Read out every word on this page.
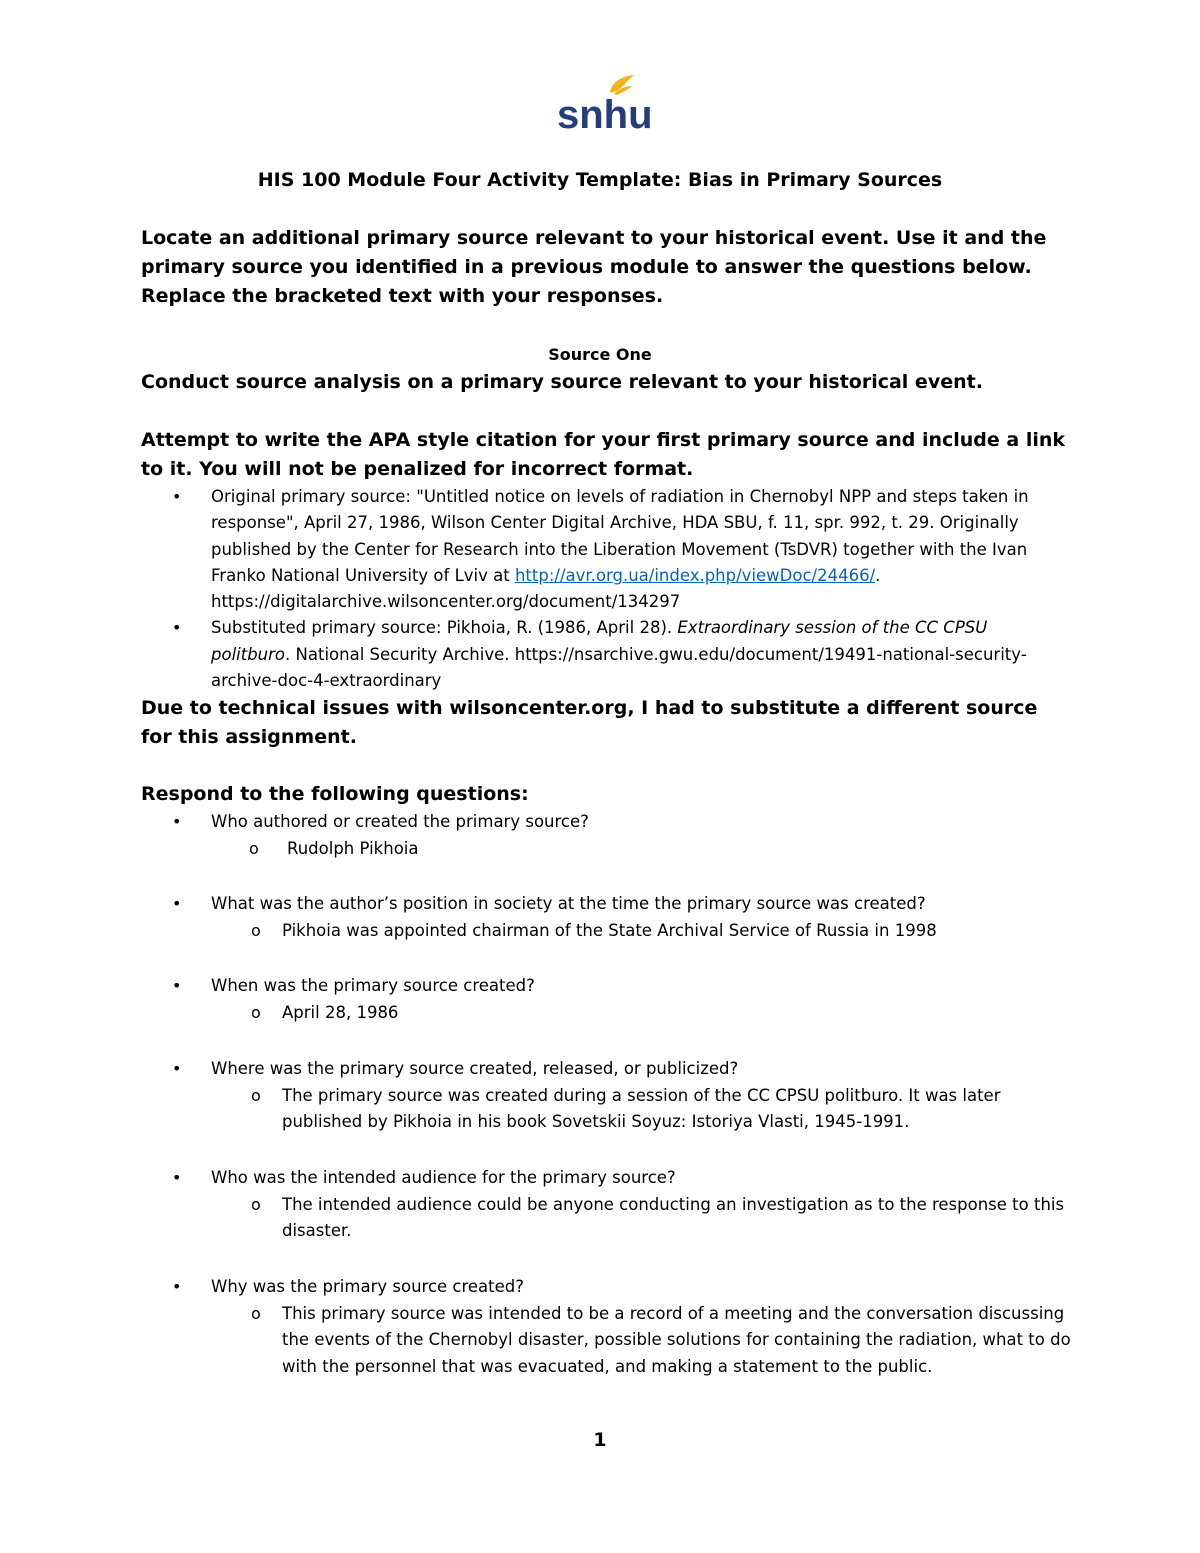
snhu
HIS 100 Module Four Activity Template: Bias in Primary Sources
Locate an additional primary source relevant to your historical event. Use it and the primary source you identified in a previous module to answer the questions below. Replace the bracketed text with your responses.
Source One
Conduct source analysis on a primary source relevant to your historical event.
Attempt to write the APA style citation for your first primary source and include a link to it. You will not be penalized for incorrect format.
• Original primary source: "Untitled notice on levels of radiation in Chernobyl NPP and steps taken in response", April 27, 1986, Wilson Center Digital Archive, HDA SBU, f. 11, spr. 992, t. 29. Originally published by the Center for Research into the Liberation Movement (TsDVR) together with the Ivan Franko National University of Lviv at http://avr.org.ua/index.php/viewDoc/24466/.
https://digitalarchive.wilsoncenter.org/document/134297
• Substituted primary source: Pikhoia, R. (1986, April 28). Extraordinary session of the CC CPSU politburo. National Security Archive. https://nsarchive.gwu.edu/document/19491-national-security-archive-doc-4-extraordinary
Due to technical issues with wilsoncenter.org, I had to substitute a different source for this assignment.
Respond to the following questions:
• Who authored or created the primary source?
o Rudolph Pikhoia
• What was the author’s position in society at the time the primary source was created?
o Pikhoia was appointed chairman of the State Archival Service of Russia in 1998
• When was the primary source created?
o April 28, 1986
• Where was the primary source created, released, or publicized?
o The primary source was created during a session of the CC CPSU politburo. It was later published by Pikhoia in his book Sovetskii Soyuz: Istoriya Vlasti, 1945-1991.
• Who was the intended audience for the primary source?
o The intended audience could be anyone conducting an investigation as to the response to this disaster.
• Why was the primary source created?
o This primary source was intended to be a record of a meeting and the conversation discussing the events of the Chernobyl disaster, possible solutions for containing the radiation, what to do with the personnel that was evacuated, and making a statement to the public.
1
